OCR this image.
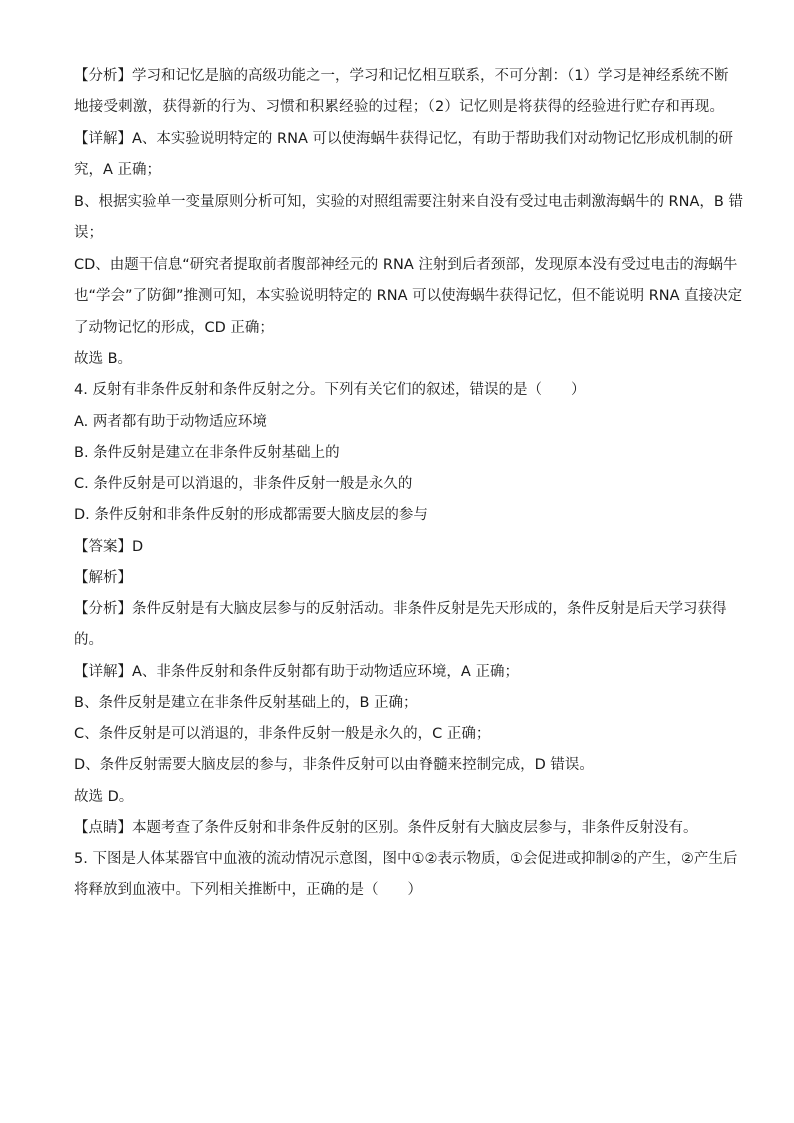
【分析】学习和记忆是脑的高级功能之一，学习和记忆相互联系，不可分割：（1）学习是神经系统不断
地接受刺激，获得新的行为、习惯和积累经验的过程；（2）记忆则是将获得的经验进行贮存和再现。
【详解】A、本实验说明特定的 RNA 可以使海蜗牛获得记忆，有助于帮助我们对动物记忆形成机制的研
究，A 正确；
B、根据实验单一变量原则分析可知，实验的对照组需要注射来自没有受过电击刺激海蜗牛的 RNA，B 错
误；
CD、由题干信息“研究者提取前者腹部神经元的 RNA 注射到后者颈部，发现原本没有受过电击的海蜗牛
也“学会”了防御”推测可知，本实验说明特定的 RNA 可以使海蜗牛获得记忆，但不能说明 RNA 直接决定
了动物记忆的形成，CD 正确；
故选 B。
4. 反射有非条件反射和条件反射之分。下列有关它们的叙述，错误的是（　　）
A. 两者都有助于动物适应环境
B. 条件反射是建立在非条件反射基础上的
C. 条件反射是可以消退的，非条件反射一般是永久的
D. 条件反射和非条件反射的形成都需要大脑皮层的参与
【答案】D
【解析】
【分析】条件反射是有大脑皮层参与的反射活动。非条件反射是先天形成的，条件反射是后天学习获得
的。
【详解】A、非条件反射和条件反射都有助于动物适应环境，A 正确；
B、条件反射是建立在非条件反射基础上的，B 正确；
C、条件反射是可以消退的，非条件反射一般是永久的，C 正确；
D、条件反射需要大脑皮层的参与，非条件反射可以由脊髓来控制完成，D 错误。
故选 D。
【点睛】本题考查了条件反射和非条件反射的区别。条件反射有大脑皮层参与，非条件反射没有。
5. 下图是人体某器官中血液的流动情况示意图，图中①②表示物质，①会促进或抑制②的产生，②产生后
将释放到血液中。下列相关推断中，正确的是（　　）
